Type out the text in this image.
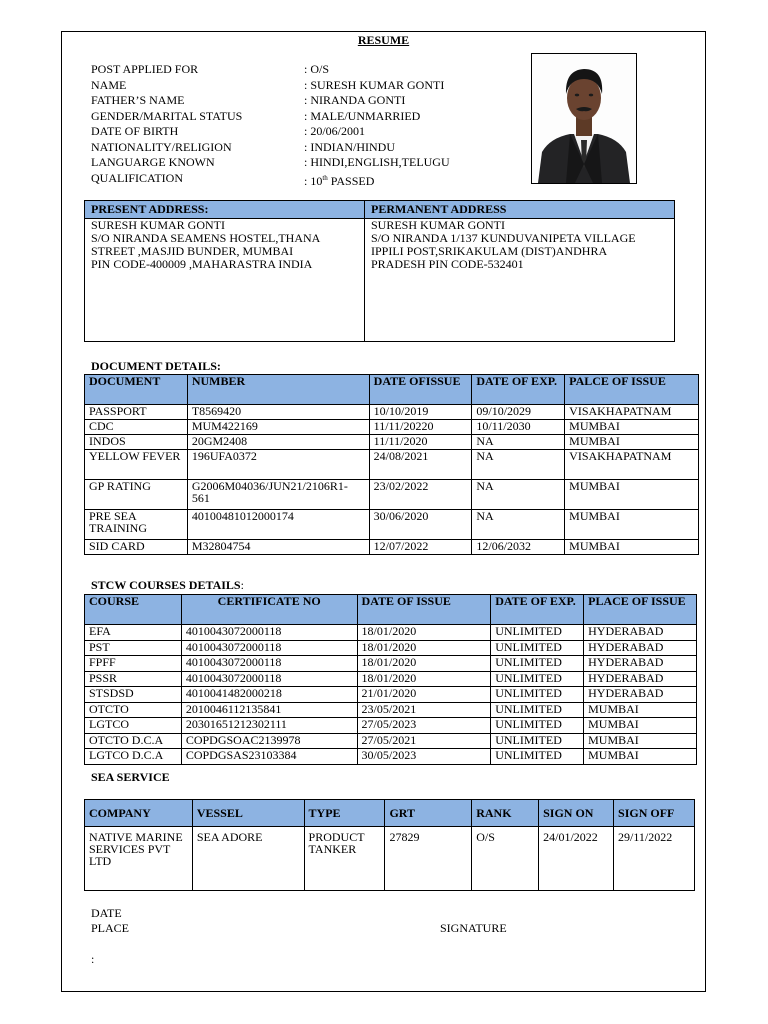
RESUME
POST APPLIED FOR	: O/S
NAME	: SURESH KUMAR GONTI
FATHER’S NAME	: NIRANDA GONTI
GENDER/MARITAL STATUS	: MALE/UNMARRIED
DATE OF BIRTH	: 20/06/2001
NATIONALITY/RELIGION	: INDIAN/HINDU
LANGUARGE KNOWN	: HINDI,ENGLISH,TELUGU
QUALIFICATION	: 10th PASSED
PRESENT ADDRESS:
SURESH KUMAR GONTI
S/O NIRANDA SEAMENS HOSTEL,THANA
STREET ,MASJID BUNDER, MUMBAI
PIN CODE-400009 ,MAHARASTRA INDIA
PERMANENT ADDRESS
SURESH KUMAR GONTI
S/O NIRANDA 1/137 KUNDUVANIPETA VILLAGE
IPPILI POST,SRIKAKULAM (DIST)ANDHRA
PRADESH PIN CODE-532401
DOCUMENT DETAILS:
DOCUMENT	NUMBER	DATE OFISSUE	DATE OF EXP.	PALCE OF ISSUE
PASSPORT	T8569420	10/10/2019	09/10/2029	VISAKHAPATNAM
CDC	MUM422169	11/11/20220	10/11/2030	MUMBAI
INDOS	20GM2408	11/11/2020	NA	MUMBAI
YELLOW FEVER	196UFA0372	24/08/2021	NA	VISAKHAPATNAM
GP RATING	G2006M04036/JUN21/2106R1-561	23/02/2022	NA	MUMBAI
PRE SEA TRAINING	40100481012000174	30/06/2020	NA	MUMBAI
SID CARD	M32804754	12/07/2022	12/06/2032	MUMBAI
STCW COURSES DETAILS:
COURSE	CERTIFICATE NO	DATE OF ISSUE	DATE OF EXP.	PLACE OF ISSUE
EFA	4010043072000118	18/01/2020	UNLIMITED	HYDERABAD
PST	4010043072000118	18/01/2020	UNLIMITED	HYDERABAD
FPFF	4010043072000118	18/01/2020	UNLIMITED	HYDERABAD
PSSR	4010043072000118	18/01/2020	UNLIMITED	HYDERABAD
STSDSD	4010041482000218	21/01/2020	UNLIMITED	HYDERABAD
OTCTO	2010046112135841	23/05/2021	UNLIMITED	MUMBAI
LGTCO	20301651212302111	27/05/2023	UNLIMITED	MUMBAI
OTCTO D.C.A	COPDGSOAC2139978	27/05/2021	UNLIMITED	MUMBAI
LGTCO D.C.A	COPDGSAS23103384	30/05/2023	UNLIMITED	MUMBAI
SEA SERVICE
COMPANY	VESSEL	TYPE	GRT	RANK	SIGN ON	SIGN OFF
NATIVE MARINE SERVICES PVT LTD	SEA ADORE	PRODUCT TANKER	27829	O/S	24/01/2022	29/11/2022
DATE
PLACE	SIGNATURE
:
